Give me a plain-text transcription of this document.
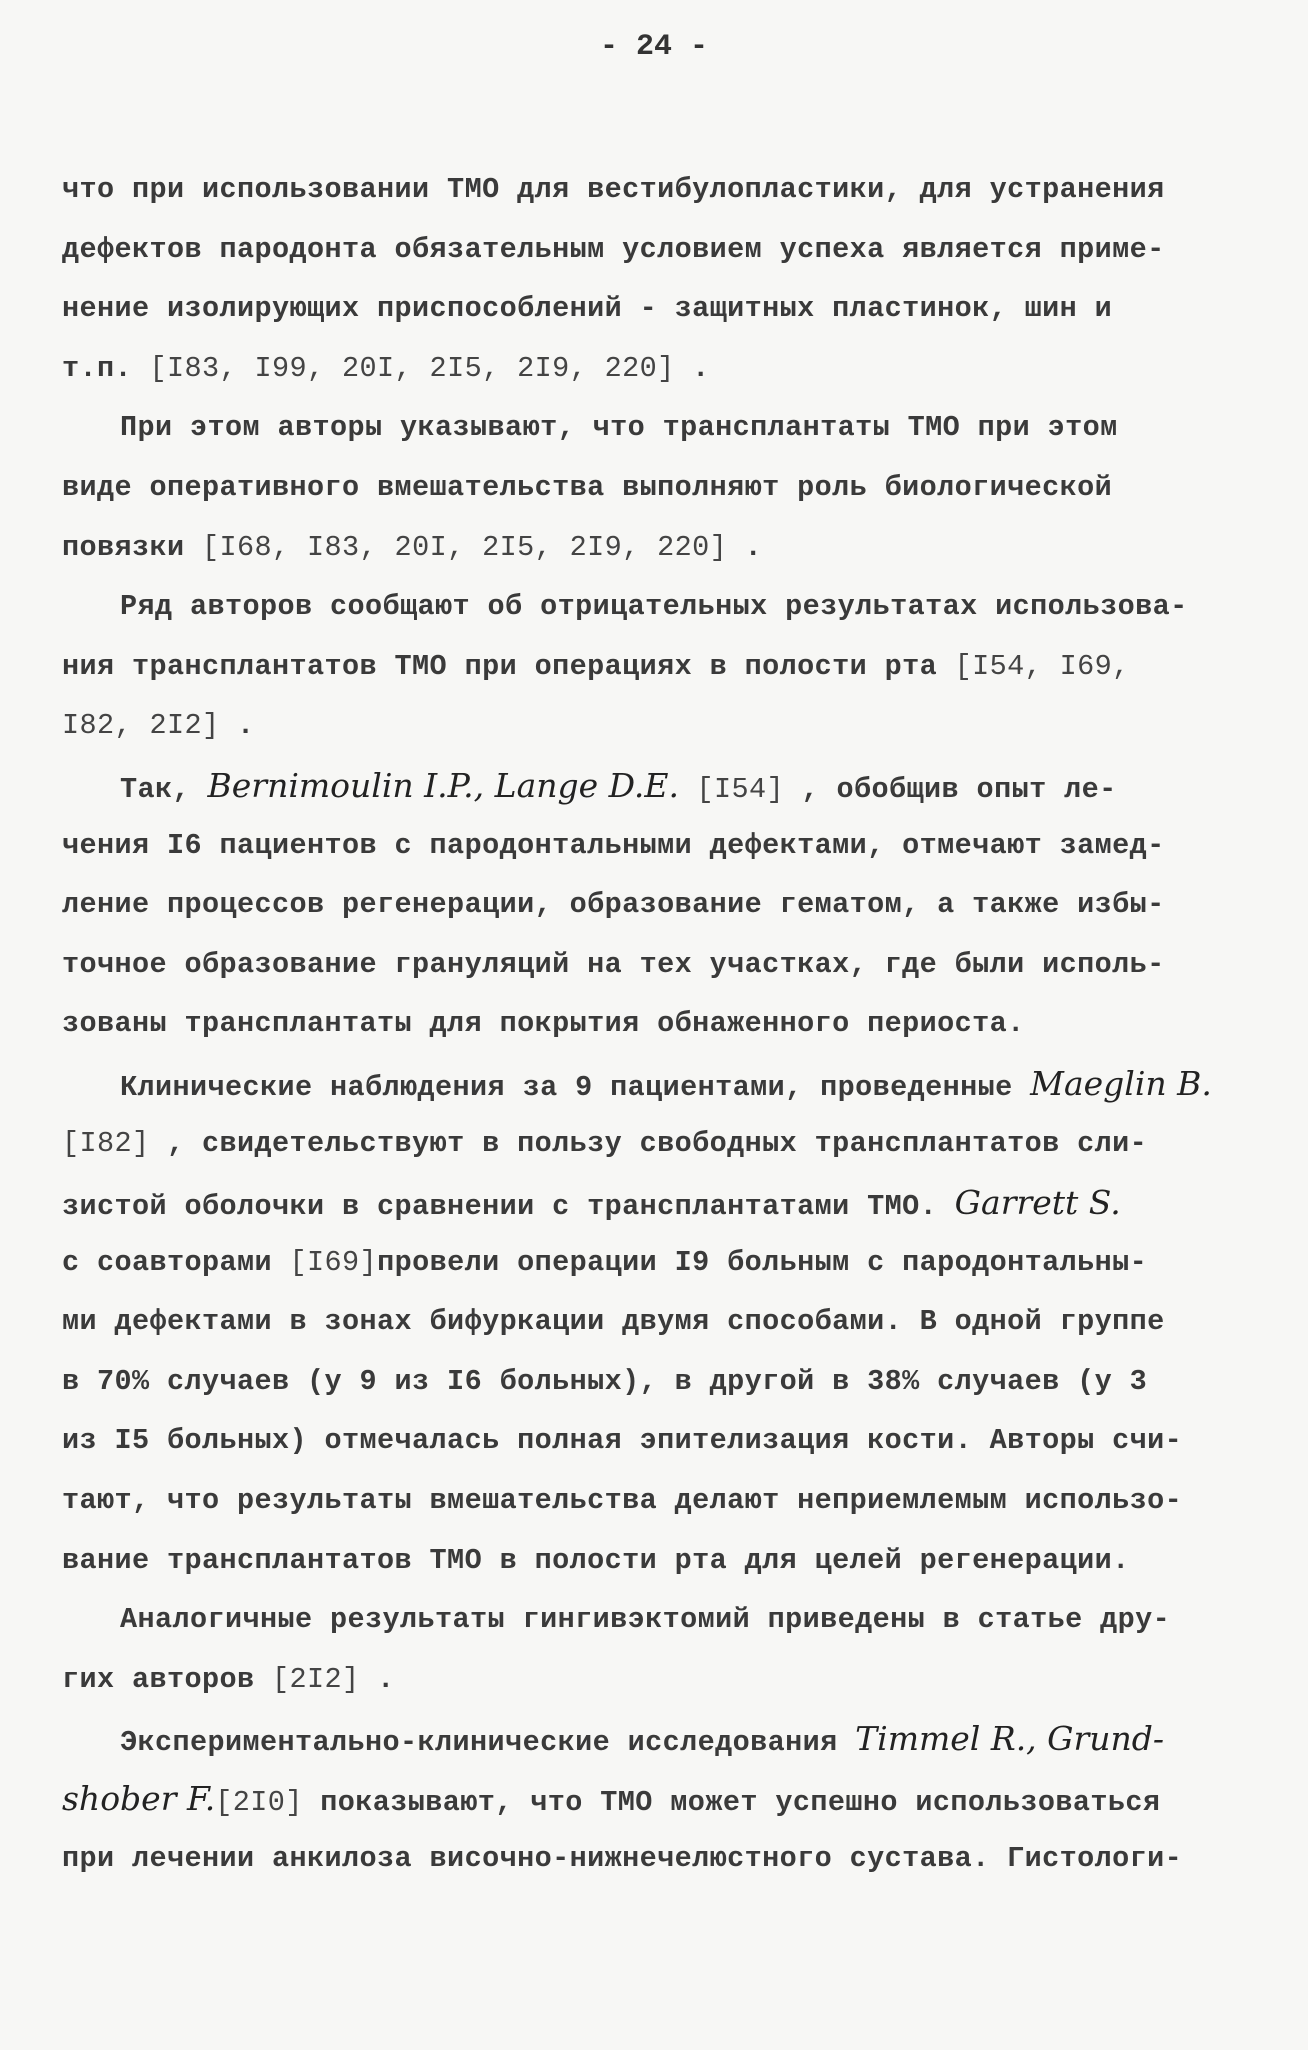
- 24 -
что при использовании ТМО для вестибулопластики, для устранения
дефектов пародонта обязательным условием успеха является приме-
нение изолирующих приспособлений - защитных пластинок, шин и
т.п. [I83, I99, 20I, 2I5, 2I9, 220] .
При этом авторы указывают, что трансплантаты ТМО при этом
виде оперативного вмешательства выполняют роль биологической
повязки [I68, I83, 20I, 2I5, 2I9, 220] .
Ряд авторов сообщают об отрицательных результатах использова-
ния трансплантатов ТМО при операциях в полости рта [I54, I69,
I82, 2I2] .
Так, Bernimoulin I.P., Lange D.E. [I54] , обобщив опыт ле-
чения I6 пациентов с пародонтальными дефектами, отмечают замед-
ление процессов регенерации, образование гематом, а также избы-
точное образование грануляций на тех участках, где были исполь-
зованы трансплантаты для покрытия обнаженного периоста.
Клинические наблюдения за 9 пациентами, проведенные Maeglin B.
[I82] , свидетельствуют в пользу свободных трансплантатов сли-
зистой оболочки в сравнении с трансплантатами ТМО. Garrett S.
с соавторами [I69]провели операции I9 больным с пародонтальны-
ми дефектами в зонах бифуркации двумя способами. В одной группе
в 70% случаев (у 9 из I6 больных), в другой в 38% случаев (у 3
из I5 больных) отмечалась полная эпителизация кости. Авторы счи-
тают, что результаты вмешательства делают неприемлемым использо-
вание трансплантатов ТМО в полости рта для целей регенерации.
Аналогичные результаты гингивэктомий приведены в статье дру-
гих авторов [2I2] .
Экспериментально-клинические исследования Timmel R., Grund-
shober F.[2I0] показывают, что ТМО может успешно использоваться
при лечении анкилоза височно-нижнечелюстного сустава. Гистологи-
